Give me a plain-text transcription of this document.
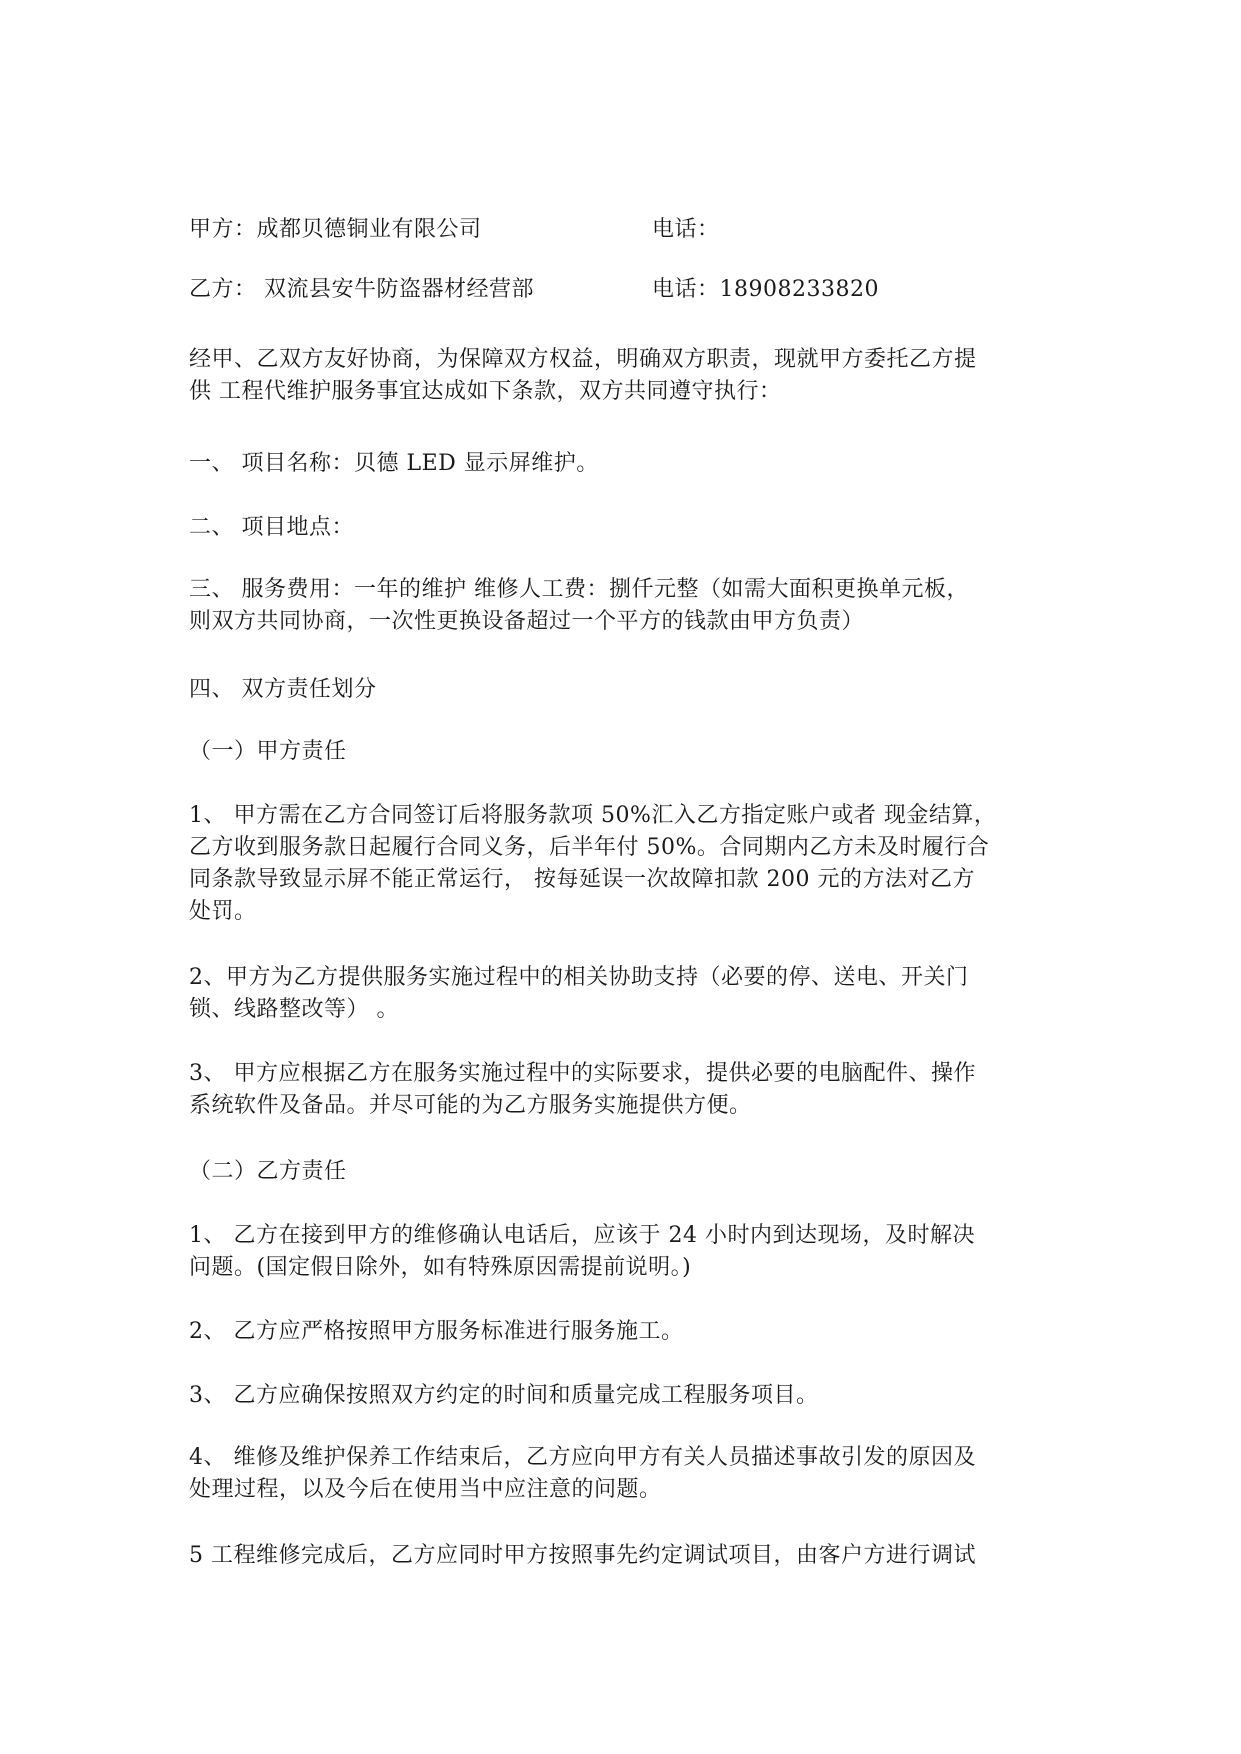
甲方：成都贝德铜业有限公司	电话：
乙方： 双流县安牛防盗器材经营部	电话：18908233820
经甲、乙双方友好协商，为保障双方权益，明确双方职责，现就甲方委托乙方提
供 工程代维护服务事宜达成如下条款，双方共同遵守执行：
一、 项目名称：贝德 LED 显示屏维护。
二、 项目地点：
三、 服务费用：一年的维护 维修人工费：捌仟元整（如需大面积更换单元板，
则双方共同协商，一次性更换设备超过一个平方的钱款由甲方负责）
四、 双方责任划分
（一）甲方责任
1、 甲方需在乙方合同签订后将服务款项 50%汇入乙方指定账户或者 现金结算，
乙方收到服务款日起履行合同义务，后半年付 50%。合同期内乙方未及时履行合
同条款导致显示屏不能正常运行， 按每延误一次故障扣款 200 元的方法对乙方
处罚。
2、甲方为乙方提供服务实施过程中的相关协助支持（必要的停、送电、开关门
锁、线路整改等） 。
3、 甲方应根据乙方在服务实施过程中的实际要求，提供必要的电脑配件、操作
系统软件及备品。并尽可能的为乙方服务实施提供方便。
（二）乙方责任
1、 乙方在接到甲方的维修确认电话后，应该于 24 小时内到达现场，及时解决
问题。(国定假日除外，如有特殊原因需提前说明。)
2、 乙方应严格按照甲方服务标准进行服务施工。
3、 乙方应确保按照双方约定的时间和质量完成工程服务项目。
4、 维修及维护保养工作结束后，乙方应向甲方有关人员描述事故引发的原因及
处理过程，以及今后在使用当中应注意的问题。
5 工程维修完成后，乙方应同时甲方按照事先约定调试项目，由客户方进行调试
